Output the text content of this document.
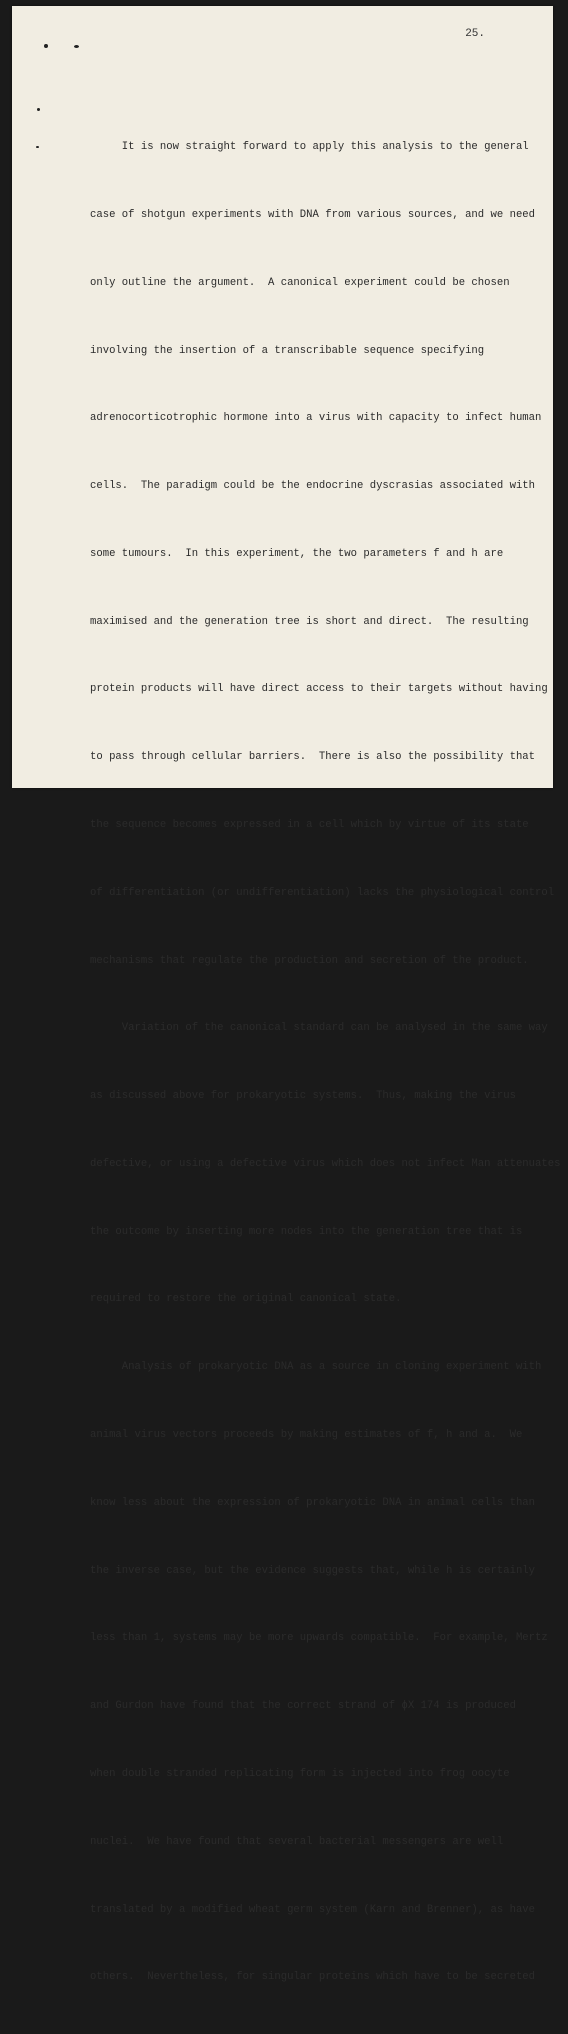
25.

It is now straight forward to apply this analysis to the general

case of shotgun experiments with DNA from various sources, and we need

only outline the argument.  A canonical experiment could be chosen

involving the insertion of a transcribable sequence specifying

adrenocorticotrophic hormone into a virus with capacity to infect human

cells.  The paradigm could be the endocrine dyscrasias associated with

some tumours.  In this experiment, the two parameters f and h are

maximised and the generation tree is short and direct.  The resulting

protein products will have direct access to their targets without having

to pass through cellular barriers.  There is also the possibility that

the sequence becomes expressed in a cell which by virtue of its state

of differentiation (or undifferentiation) lacks the physiological control

mechanisms that regulate the production and secretion of the product.

Variation of the canonical standard can be analysed in the same way

as discussed above for prokaryotic systems.  Thus, making the virus

defective, or using a defective virus which does not infect Man attenuates

the outcome by inserting more nodes into the generation tree that is

required to restore the original canonical state.

Analysis of prokaryotic DNA as a source in cloning experiment with

animal virus vectors proceeds by making estimates of f, h and a.  We

know less about the expression of prokaryotic DNA in animal cells than

the inverse case, but the evidence suggests that, while h is certainly

less than 1, systems may be more upwards compatible.  For example, Mertz

and Gurdon have found that the correct strand of ϕX 174 is produced

when double stranded replicating form is injected into frog oocyte

nuclei.  We have found that several bacterial messengers are well

translated by a modified wheat germ system (Karn and Brenner), as have

others.  Nevertheless, for singular proteins which have to be secreted
